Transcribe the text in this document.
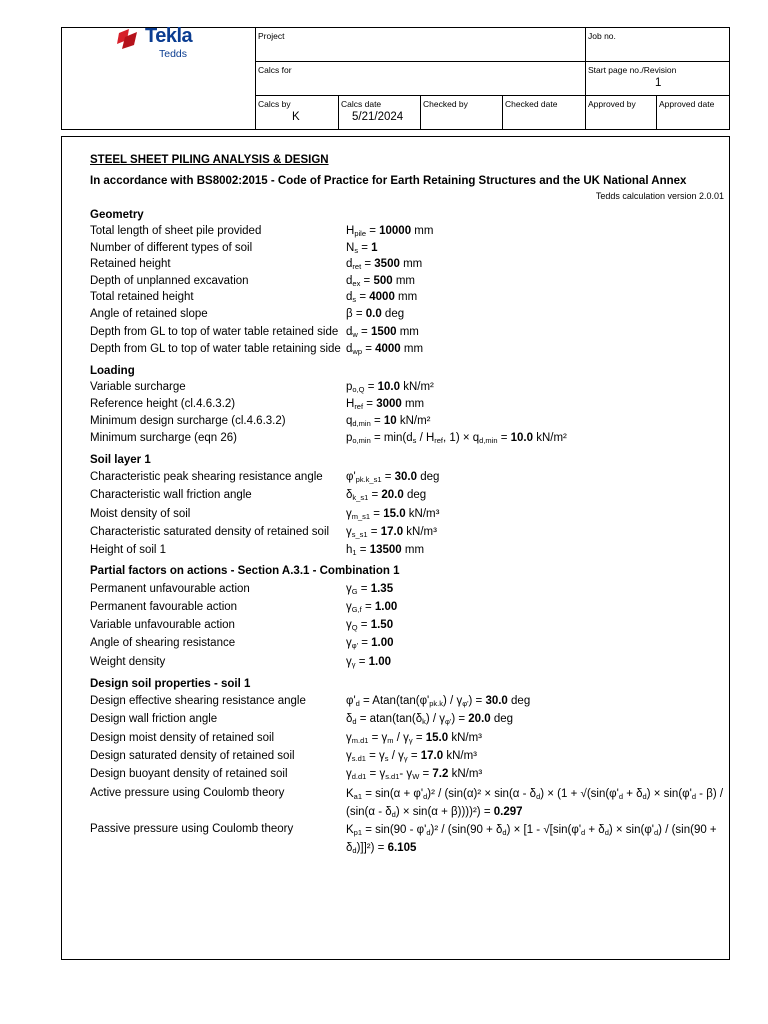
Tekla
Tedds
Project	Job no.
Calcs for	Start page no./Revision
1
Calcs by
K
Calcs date
5/21/2024
Checked by	Checked date	Approved by	Approved date
STEEL SHEET PILING ANALYSIS & DESIGN
In accordance with BS8002:2015 - Code of Practice for Earth Retaining Structures and the UK National Annex
Tedds calculation version 2.0.01
Geometry
Loading
Soil layer 1
Partial factors on actions - Section A.3.1 - Combination 1
Design soil properties - soil 1
Total length of sheet pile provided	$H_{pile} = 10000$ mm
Number of different types of soil	$N_s = 1$
Retained height	$d_{ret} = 3500$ mm
Depth of unplanned excavation	$d_{ex} = 500$ mm
Total retained height	$d_s = 4000$ mm
Angle of retained slope	β = 0.0 deg
Depth from GL to top of water table retained side $d_w = 1500$ mm
Depth from GL to top of water table retaining side $d_{wp} = 4000$ mm
Variable surcharge	$p_{o,Q} = 10.0$ kN/m²
Reference height (cl.4.6.3.2)	$H_{ref} = 3000$ mm
Minimum design surcharge (cl.4.6.3.2)	$q_{d,min} = 10$ kN/m²
Minimum surcharge (eqn 26)	$p_{o,min} = \min(d_s / H_{ref}$, $1) \times q_{d,min} = 10.0$ kN/m²
Characteristic peak shearing resistance angle $\varphi'_{pk.k\_s1} = 30.0$ deg
Characteristic wall friction angle	$\delta_{k\_s1} = 20.0$ deg
Moist density of soil	$\gamma_{m\_s1} = 15.0$ kN/m³
Characteristic saturated density of retained soil $\gamma_{s\_s1} = 17.0$ kN/m³
Height of soil 1	$h_1 = 13500$ mm
Permanent unfavourable action	$\gamma_G = 1.35$
Permanent favourable action	$\gamma_{G,f} = 1.00$
Variable unfavourable action	$\gamma_Q = 1.50$
Angle of shearing resistance	$\gamma_{\varphi'} = 1.00$
Weight density	$\gamma_\gamma = 1.00$
Design effective shearing resistance angle	$\varphi'_d = Atan(\tan(\varphi'_{pk.k}) / \gamma_{\varphi'}) = 30.0$ deg
Design wall friction angle	$\delta_d = atan(\tan(\delta_k) / \gamma_{\varphi'}) = 20.0$ deg
Design moist density of retained soil	$\gamma_{m.d1} = \gamma_m / \gamma_\gamma = 15.0$ kN/m³
Design saturated density of retained soil	$\gamma_{s.d1} = \gamma_s / \gamma_\gamma = 17.0$ kN/m³
Design buoyant density of retained soil	$\gamma_{d.d1} = \gamma_{s.d1}-$ $\gamma_W = 7.2$ kN/m³
Active pressure using Coulomb theory	$K_{a1} = \sin(\alpha + \varphi'_d)^2 / (\sin(\alpha)^2 \times \sin(\alpha - \delta_d) \times (1 + √(\sin(\varphi'_d + \delta_d) \times \sin(\varphi'_d - \beta) / (\sin(\alpha - \delta_d) \times \sin(\alpha + \beta))))^2) = 0.297$
Passive pressure using Coulomb theory	$K_{p1} = \sin(90 - \varphi'_d)^2 / (\sin(90 + \delta_d) \times [1 - √[\sin(\varphi'_d + \delta_d) \times \sin(\varphi'_d) / (\sin(90 + \delta_d)]]^2) = 6.105$
